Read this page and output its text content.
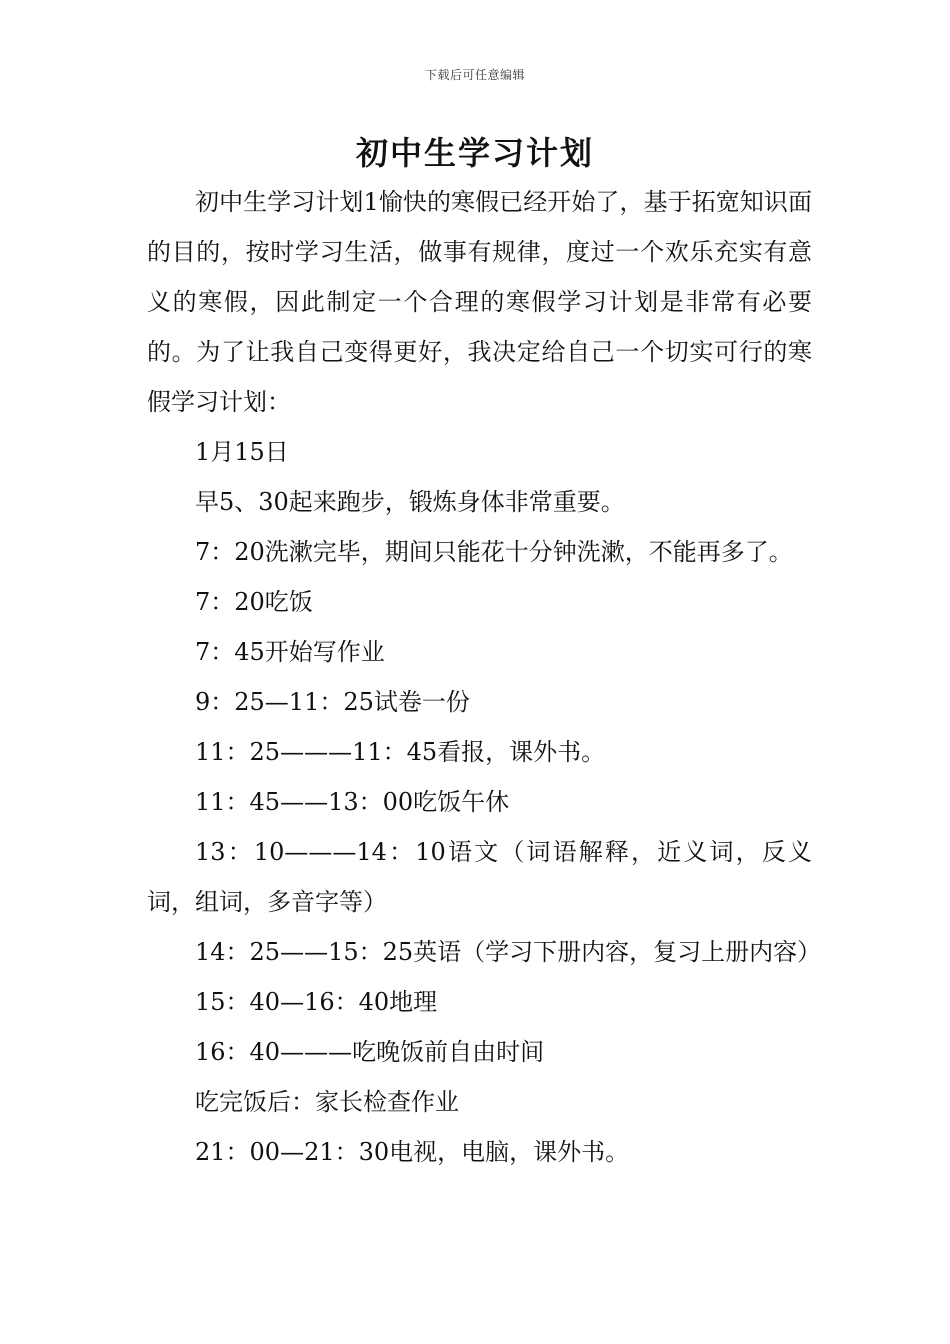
下载后可任意编辑
初中生学习计划

初中生学习计划1愉快的寒假已经开始了，基于拓宽知识面的目的，按时学习生活，做事有规律，度过一个欢乐充实有意义的寒假，因此制定一个合理的寒假学习计划是非常有必要的。为了让我自己变得更好，我决定给自己一个切实可行的寒假学习计划：

1月15日

早5、30起来跑步，锻炼身体非常重要。

7：20洗漱完毕，期间只能花十分钟洗漱，不能再多了。

7：20吃饭

7：45开始写作业

9：25—11：25试卷一份

11：25———11：45看报，课外书。

11：45——13：00吃饭午休

13：10———14：10语文（词语解释，近义词，反义词，组词，多音字等）

14：25——15：25英语（学习下册内容，复习上册内容）

15：40—16：40地理

16：40———吃晚饭前自由时间

吃完饭后：家长检查作业

21：00—21：30电视，电脑，课外书。
